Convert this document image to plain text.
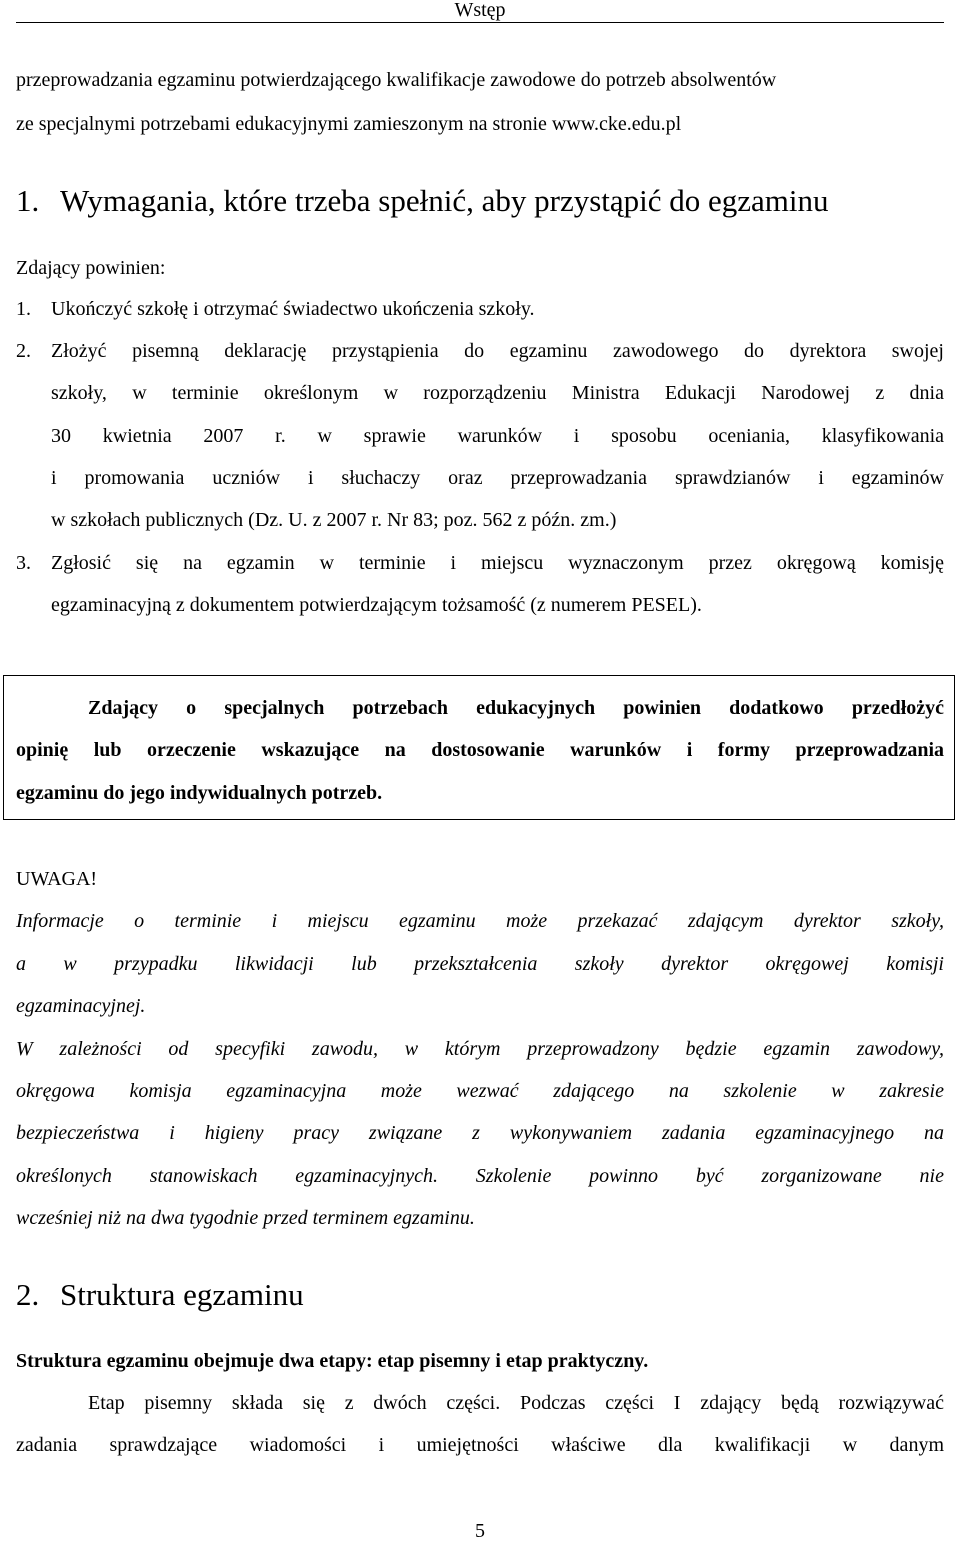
Wstęp
przeprowadzania egzaminu potwierdzającego kwalifikacje zawodowe do potrzeb absolwentów
ze specjalnymi potrzebami edukacyjnymi zamieszonym na stronie www.cke.edu.pl
1. Wymagania, które trzeba spełnić, aby przystąpić do egzaminu
Zdający powinien:
1. Ukończyć szkołę i otrzymać świadectwo ukończenia szkoły.
2. Złożyć pisemną deklarację przystąpienia do egzaminu zawodowego do dyrektora swojej
szkoły, w terminie określonym w rozporządzeniu Ministra Edukacji Narodowej z dnia
30 kwietnia 2007 r. w sprawie warunków i sposobu oceniania, klasyfikowania
i promowania uczniów i słuchaczy oraz przeprowadzania sprawdzianów i egzaminów
w szkołach publicznych (Dz. U. z 2007 r. Nr 83; poz. 562 z późn. zm.)
3. Zgłosić się na egzamin w terminie i miejscu wyznaczonym przez okręgową komisję
egzaminacyjną z dokumentem potwierdzającym tożsamość (z numerem PESEL).
Zdający o specjalnych potrzebach edukacyjnych powinien dodatkowo przedłożyć
opinię lub orzeczenie wskazujące na dostosowanie warunków i formy przeprowadzania
egzaminu do jego indywidualnych potrzeb.
UWAGA!
Informacje o terminie i miejscu egzaminu może przekazać zdającym dyrektor szkoły,
a w przypadku likwidacji lub przekształcenia szkoły dyrektor okręgowej komisji
egzaminacyjnej.
W zależności od specyfiki zawodu, w którym przeprowadzony będzie egzamin zawodowy,
okręgowa komisja egzaminacyjna może wezwać zdającego na szkolenie w zakresie
bezpieczeństwa i higieny pracy związane z wykonywaniem zadania egzaminacyjnego na
określonych stanowiskach egzaminacyjnych. Szkolenie powinno być zorganizowane nie
wcześniej niż na dwa tygodnie przed terminem egzaminu.
2. Struktura egzaminu
Struktura egzaminu obejmuje dwa etapy: etap pisemny i etap praktyczny.
Etap pisemny składa się z dwóch części. Podczas części I zdający będą rozwiązywać
zadania sprawdzające wiadomości i umiejętności właściwe dla kwalifikacji w danym
5
